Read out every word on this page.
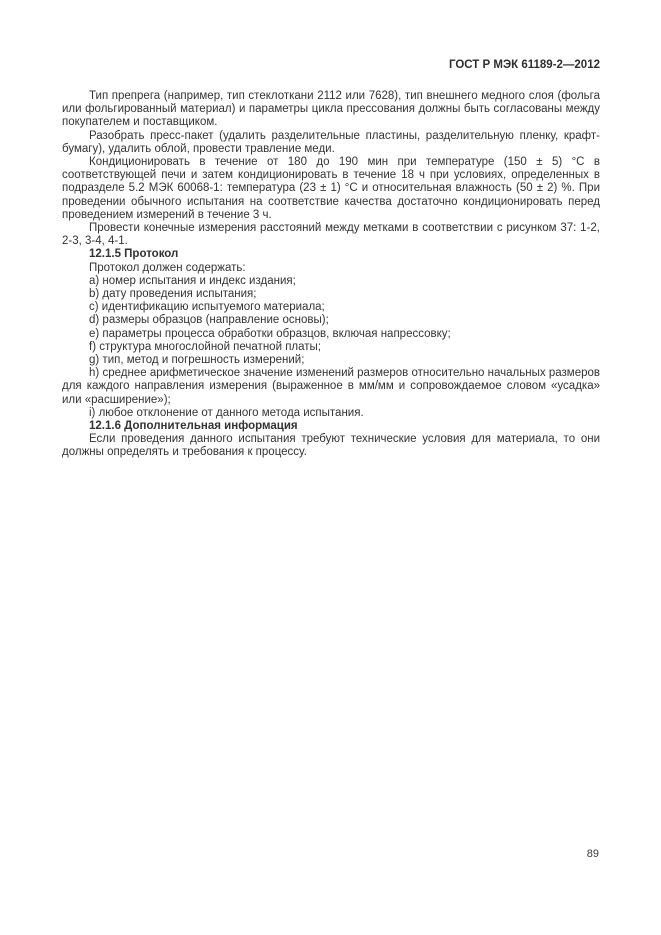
ГОСТ Р МЭК 61189-2—2012

Тип препрега (например, тип стеклоткани 2112 или 7628), тип внешнего медного слоя (фольга или фольгированный материал) и параметры цикла прессования должны быть согласованы между покупателем и поставщиком.

Разобрать пресс-пакет (удалить разделительные пластины, разделительную пленку, крафт-бумагу), удалить облой, провести травление меди.

Кондиционировать в течение от 180 до 190 мин при температуре (150 ± 5) °С в соответствующей печи и затем кондиционировать в течение 18 ч при условиях, определенных в подразделе 5.2 МЭК 60068-1: температура (23 ± 1) °С и относительная влажность (50 ± 2) %. При проведении обычного испытания на соответствие качества достаточно кондиционировать перед проведением измерений в течение 3 ч.

Провести конечные измерения расстояний между метками в соответствии с рисунком 37: 1-2, 2-3, 3-4, 4-1.

12.1.5 Протокол

Протокол должен содержать:

a) номер испытания и индекс издания;

b) дату проведения испытания;

c) идентификацию испытуемого материала;

d) размеры образцов (направление основы);

e) параметры процесса обработки образцов, включая напрессовку;

f) структура многослойной печатной платы;

g) тип, метод и погрешность измерений;

h) среднее арифметическое значение изменений размеров относительно начальных размеров для каждого направления измерения (выраженное в мм/мм и сопровождаемое словом «усадка» или «расширение»);

i) любое отклонение от данного метода испытания.

12.1.6 Дополнительная информация

Если проведения данного испытания требуют технические условия для материала, то они должны определять и требования к процессу.

89
